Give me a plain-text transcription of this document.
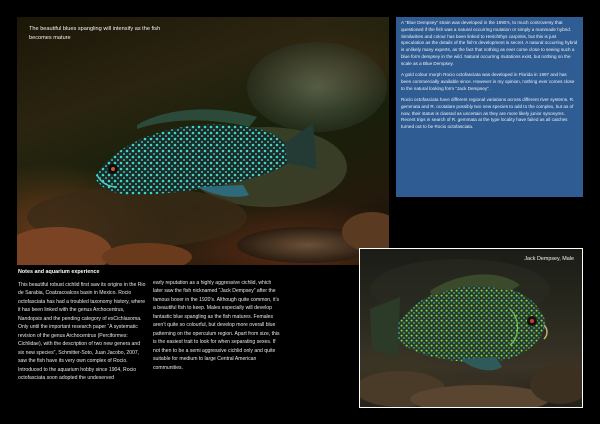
The beautiful blues spangling will intensify as the fish becomes mature

A “Blue Dempsey” strain was developed in the 1990’s, to much controversy that questioned if the fish was a natural occurring mutation or simply a manmade hybrid. Similarities and colour has been linked to Herichthys carpintis, but this is just speculation as the details of the fish’s development is secret. A natural occurring hybrid is unlikely many experts, as the fact that nothing as ever come close to seeing such a blue form dempsey in the wild. Natural occurring mutations exist, but nothing on the scale as a Blue Dempsey.

A gold colour morph Rocio octofasciata was developed in Florida in 1997 and has been commercially available since. However in my opinion, nothing ever comes close to the natural looking form “Jack Dempsey”.

Rocio octofasciata have different regional variations across different river systems. R. gemmata and R. ocotalare possibly two new species to add to the complex, but as of now, their status is classed as uncertain as they are more likely junior synonyms. Recent trips in search of R. gemmata at the type locality have failed as all catches turned out to be Rocio octofasciata.

Jack Dempsey, Male
Notes and aquarium experience

This beautiful robust cichlid first saw its origins in the Rio de Sarabia, Coatzacoalcos basin in Mexico. Rocio octofasciata has had a troubled taxonomy history, where it has been linked with the genus Archocentrus, Nandopsis and the pending category of exCichlasoma. Only until the important research paper “A systematic revision of the genus Archocentrus (Perciformes: Cichlidae), with the description of two new genera and six new species”, Schmitter-Soto, Juan Jacobo, 2007, saw the fish have its very own complex of Rocio. Introduced to the aquarium hobby since 1904, Rocio octofasciata soon adopted the undeserved

early reputation as a highly aggressive cichlid, which later saw the fish nicknamed “Jack Dempsey” after the famous boxer in the 1920’s. Although quite common, it’s a beautiful fish to keep. Males especially will develop fantastic blue spangling as the fish matures. Females aren’t quite so colourful, but develop more overall blue patterning on the operculum region. Apart from size, this is the easiest trait to look for when separating sexes. If not then to be a semi aggressive cichlid only and quite suitable for medium to large Central American communities.
